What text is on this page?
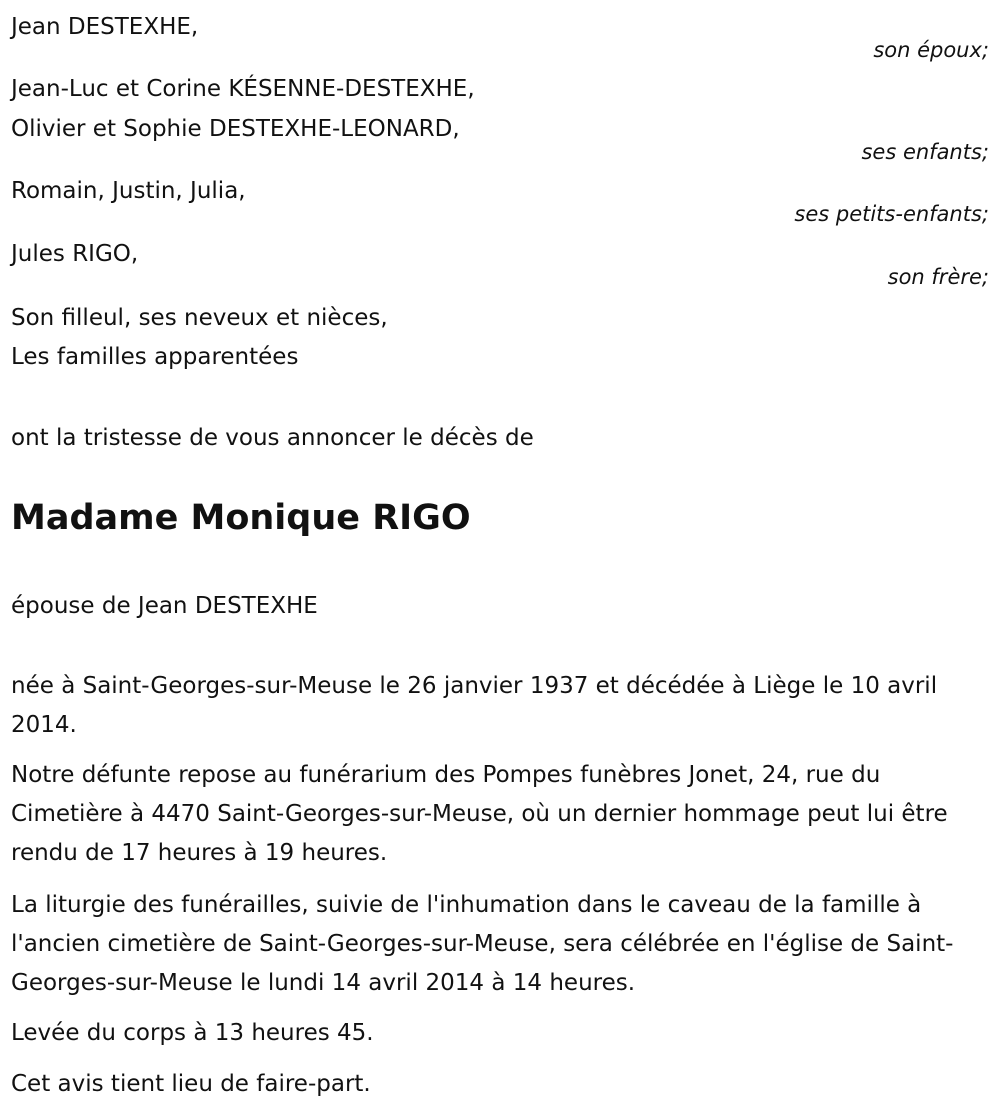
Jean DESTEXHE,
son époux;
Jean-Luc et Corine KÉSENNE-DESTEXHE,
Olivier et Sophie DESTEXHE-LEONARD,
ses enfants;
Romain, Justin, Julia,
ses petits-enfants;
Jules RIGO,
son frère;
Son filleul, ses neveux et nièces,
Les familles apparentées
ont la tristesse de vous annoncer le décès de
Madame Monique RIGO
épouse de Jean DESTEXHE
née à Saint-Georges-sur-Meuse le 26 janvier 1937 et décédée à Liège le 10 avril 2014.
Notre défunte repose au funérarium des Pompes funèbres Jonet, 24, rue du Cimetière à 4470 Saint-Georges-sur-Meuse, où un dernier hommage peut lui être rendu de 17 heures à 19 heures.
La liturgie des funérailles, suivie de l'inhumation dans le caveau de la famille à l'ancien cimetière de Saint-Georges-sur-Meuse, sera célébrée en l'église de Saint-Georges-sur-Meuse le lundi 14 avril 2014 à 14 heures.
Levée du corps à 13 heures 45.
Cet avis tient lieu de faire-part.
